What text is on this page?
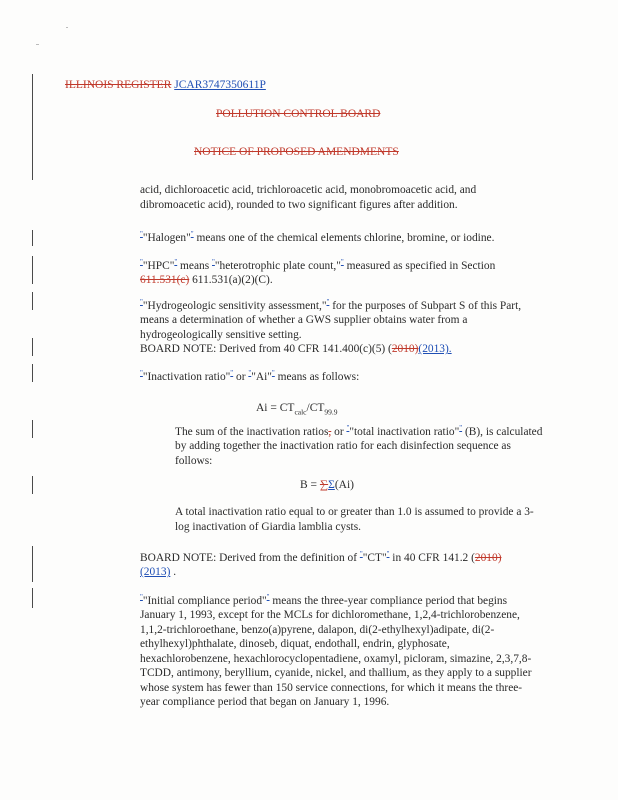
ILLINOIS REGISTER JCAR3747350611P
POLLUTION CONTROL BOARD
NOTICE OF PROPOSED AMENDMENTS

acid, dichloroacetic acid, trichloroacetic acid, monobromoacetic acid, and dibromoacetic acid), rounded to two significant figures after addition.

""Halogen"" means one of the chemical elements chlorine, bromine, or iodine.

""HPC"" means ""heterotrophic plate count,"" measured as specified in Section
611.531(c) 611.531(a)(2)(C).

""Hydrogeologic sensitivity assessment,"" for the purposes of Subpart S of this Part, means a determination of whether a GWS supplier obtains water from a hydrogeologically sensitive setting.
BOARD NOTE: Derived from 40 CFR 141.400(c)(5) (2010)(2013).

""Inactivation ratio"" or ""Ai"" means as follows:

$Ai = CT_{calc}/CT_{99.9}$

The sum of the inactivation ratios, or ""total inactivation ratio"" (B), is calculated by adding together the inactivation ratio for each disinfection sequence as follows:

B = ∑Σ(Ai)

A total inactivation ratio equal to or greater than 1.0 is assumed to provide a 3-log inactivation of Giardia lamblia cysts.

BOARD NOTE: Derived from the definition of ""CT"" in 40 CFR 141.2 (2010)
(2013) .

""Initial compliance period"" means the three-year compliance period that begins January 1, 1993, except for the MCLs for dichloromethane, 1,2,4-trichlorobenzene, 1,1,2-trichloroethane, benzo(a)pyrene, dalapon, di(2-ethylhexyl)adipate, di(2-ethylhexyl)phthalate, dinoseb, diquat, endothall, endrin, glyphosate, hexachlorobenzene, hexachlorocyclopentadiene, oxamyl, picloram, simazine, 2,3,7,8-TCDD, antimony, beryllium, cyanide, nickel, and thallium, as they apply to a supplier whose system has fewer than 150 service connections, for which it means the three-year compliance period that began on January 1, 1996.
